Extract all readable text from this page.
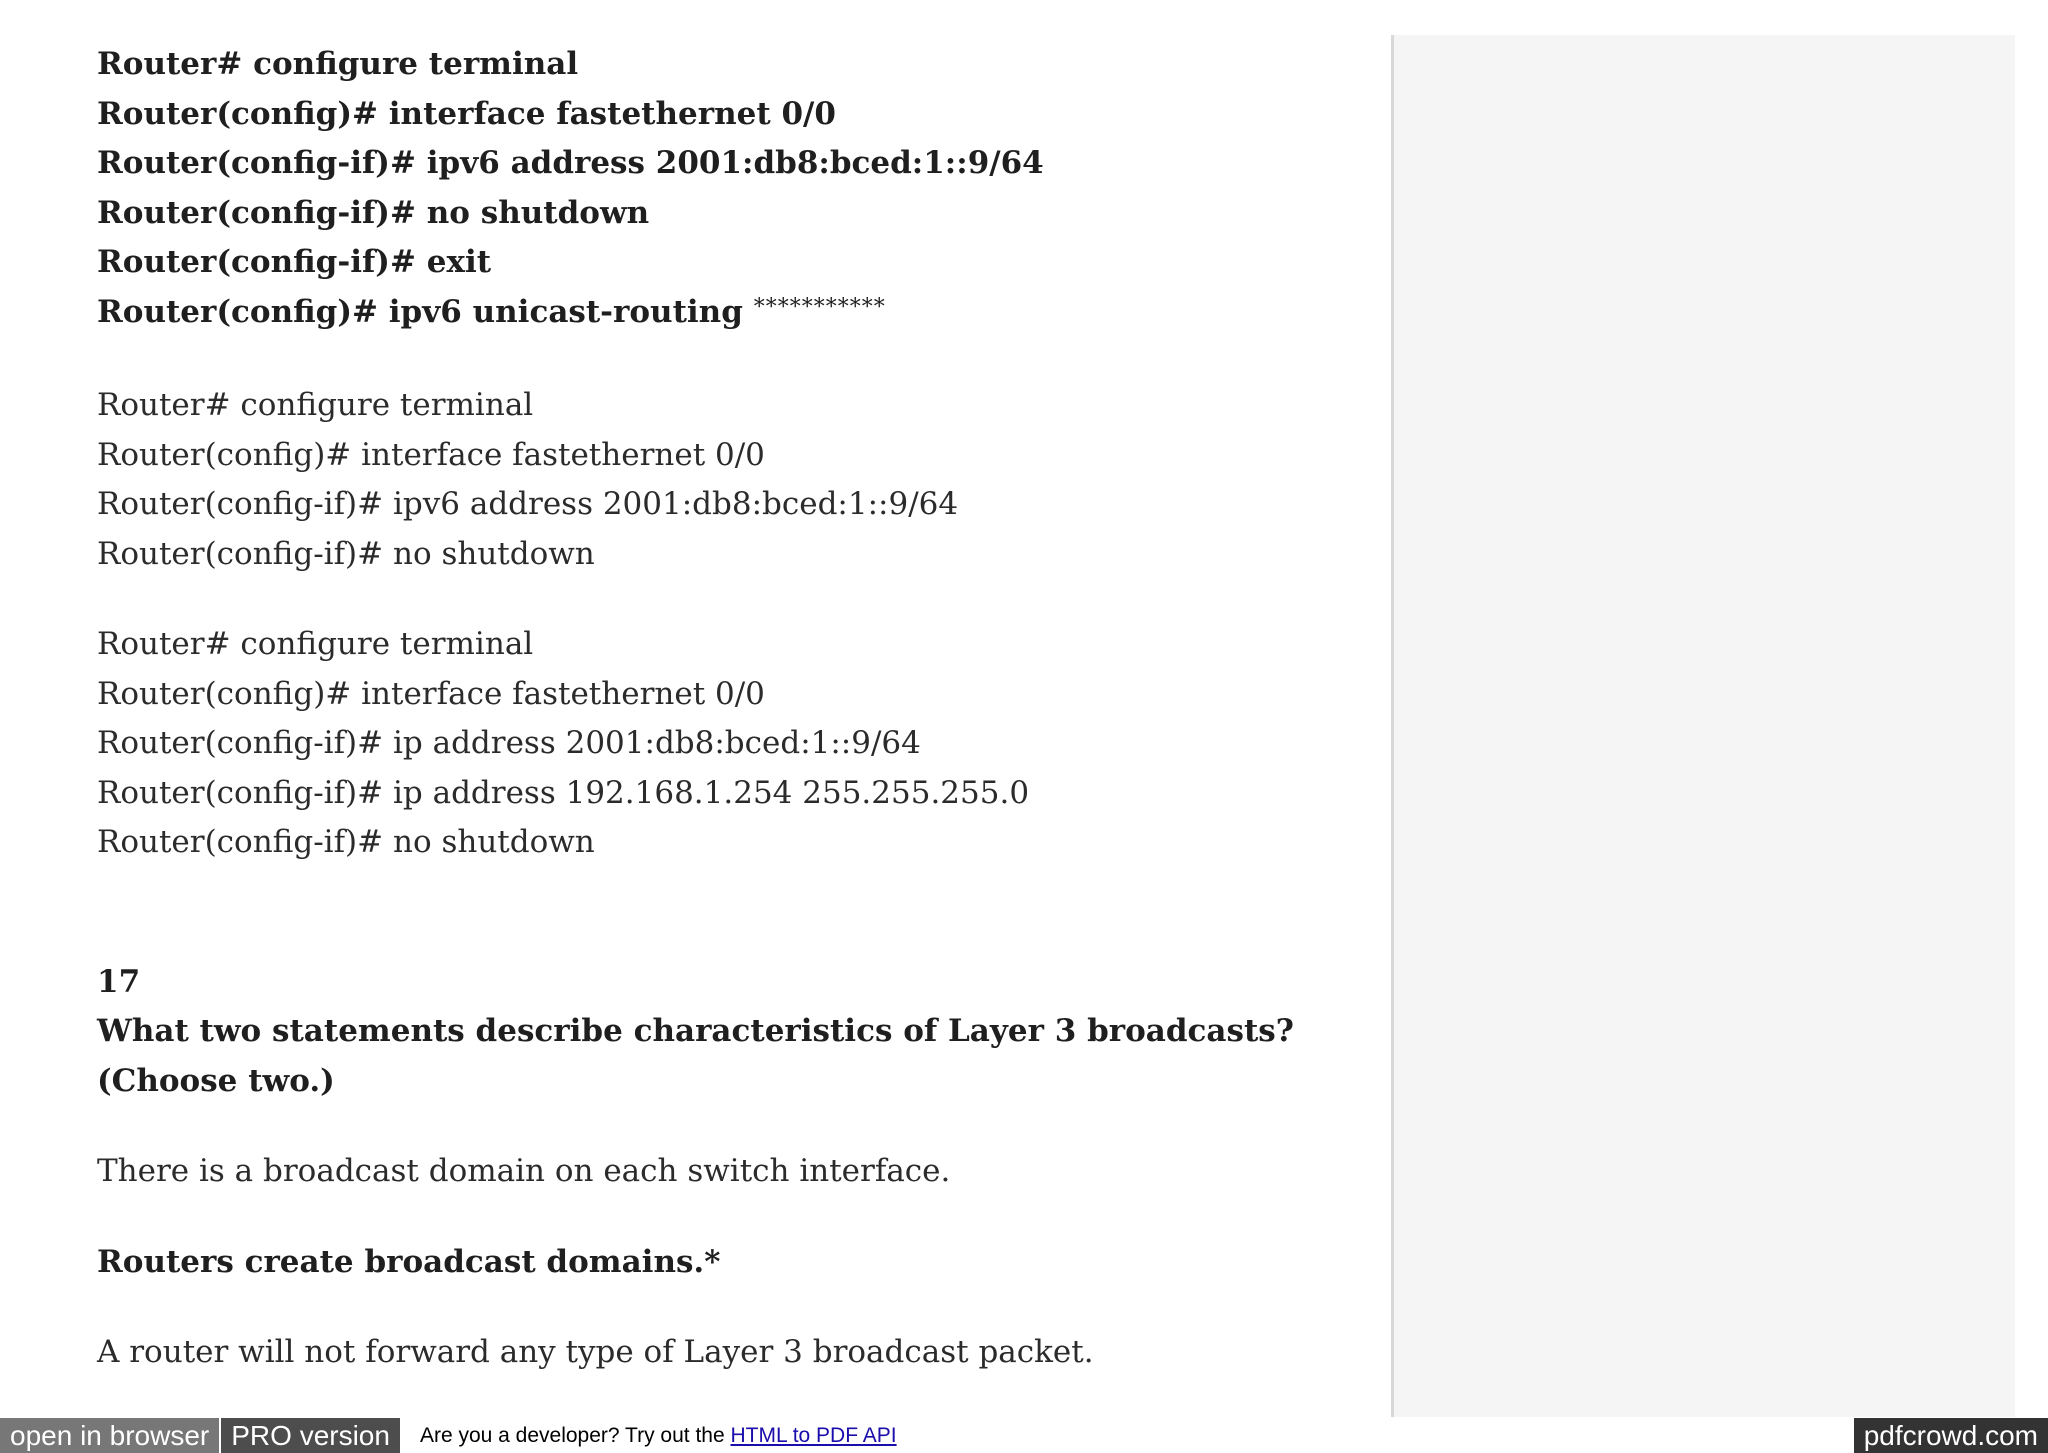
Router# configure terminal
Router(config)# interface fastethernet 0/0
Router(config-if)# ipv6 address 2001:db8:bced:1::9/64
Router(config-if)# no shutdown
Router(config-if)# exit
Router(config)# ipv6 unicast-routing ***********
Router# configure terminal
Router(config)# interface fastethernet 0/0
Router(config-if)# ipv6 address 2001:db8:bced:1::9/64
Router(config-if)# no shutdown
Router# configure terminal
Router(config)# interface fastethernet 0/0
Router(config-if)# ip address 2001:db8:bced:1::9/64
Router(config-if)# ip address 192.168.1.254 255.255.255.0
Router(config-if)# no shutdown
17
What two statements describe characteristics of Layer 3 broadcasts? (Choose two.)
There is a broadcast domain on each switch interface.
Routers create broadcast domains.*
A router will not forward any type of Layer 3 broadcast packet.
open in browser PRO version	Are you a developer? Try out the HTML to PDF API	pdfcrowd.com
